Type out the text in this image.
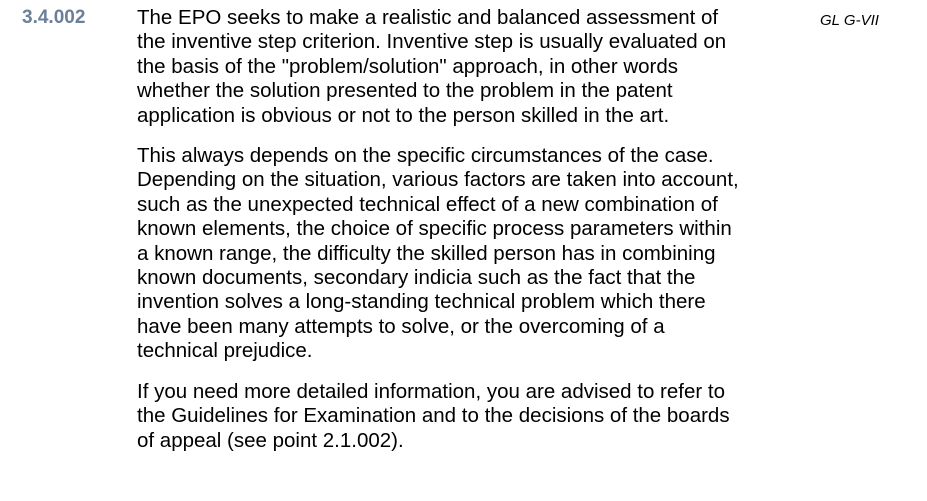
3.4.002	The EPO seeks to make a realistic and balanced assessment of
the inventive step criterion. Inventive step is usually evaluated on
the basis of the "problem/solution" approach, in other words
whether the solution presented to the problem in the patent
application is obvious or not to the person skilled in the art.

This always depends on the specific circumstances of the case.
Depending on the situation, various factors are taken into account,
such as the unexpected technical effect of a new combination of
known elements, the choice of specific process parameters within
a known range, the difficulty the skilled person has in combining
known documents, secondary indicia such as the fact that the
invention solves a long-standing technical problem which there
have been many attempts to solve, or the overcoming of a
technical prejudice.

If you need more detailed information, you are advised to refer to
the Guidelines for Examination and to the decisions of the boards
of appeal (see point 2.1.002).

GL G-VII
